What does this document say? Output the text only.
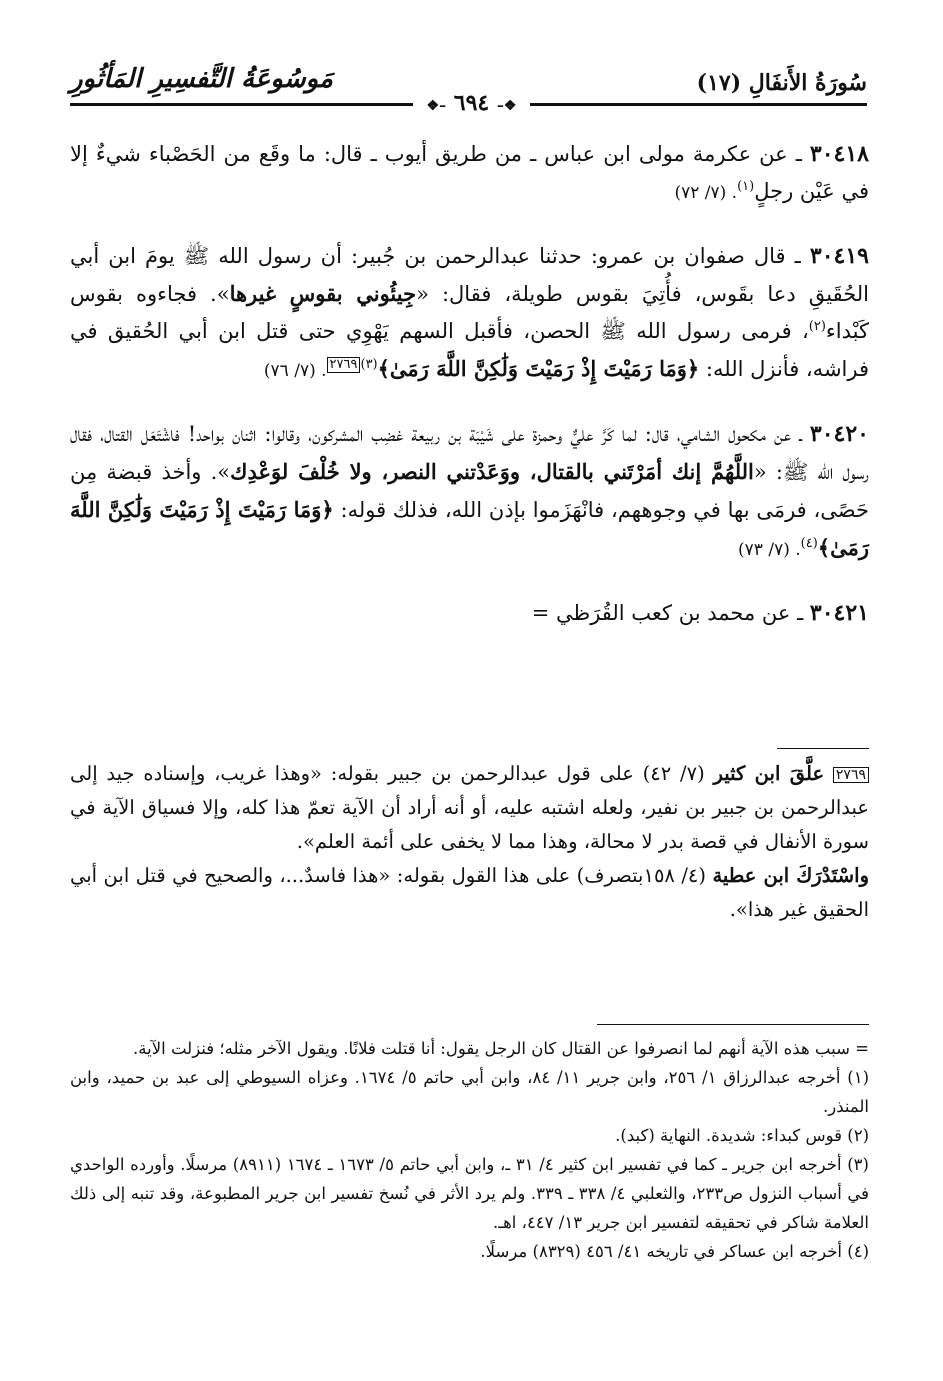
سُورَةُ الأَنفَالِ (١٧)
مَوسُوعَةُ التَّفسِيرِ المَأثُورِ
❖– ٦٩٤ –❖

٣٠٤١٨ ـ عن عكرمة مولى ابن عباس ـ من طريق أيوب ـ قال: ما وقَع من الحَصْباء شيءٌ إلا في عَيْن رجلٍ$^{(١)}$. (٧/ ٧٢)

٣٠٤١٩ ـ قال صفوان بن عمرو: حدثنا عبدالرحمن بن جُبير: أن رسول الله ﷺ يومَ ابن أبي الحُقَيقِ دعا بقَوس، فأُتِيَ بقوس طويلة، فقال: «جِيئُوني بقوسٍ غيرها». فجاءوه بقوس كَبْداء$^{(٢)}$، فرمى رسول الله ﷺ الحصن، فأقبل السهم يَهْوِي حتى قتل ابن أبي الحُقيق في فراشه، فأنزل الله: ﴿وَمَا رَمَيْتَ إِذْ رَمَيْتَ وَلَٰكِنَّ اللَّهَ رَمَىٰ﴾$^{(٣)}$٢٧٦٩. (٧/ ٧٦)

٣٠٤٢٠ ـ عن مكحول الشامي، قال: لما كَرَّ عليٌّ وحمزة على شَيْبَة بن ربيعة غضِب المشركون، وقالوا: اثنان بواحد! فاشْتَعَل القتال، فقال رسول الله ﷺ: «اللَّهُمَّ إنك أمَرْتَني بالقتال، ووَعَدْتني النصر، ولا خُلْفَ لوَعْدِك». وأخذ قبضة مِن حَصًى، فرمَى بها في وجوههم، فانْهَزَموا بإذن الله، فذلك قوله: ﴿وَمَا رَمَيْتَ إِذْ رَمَيْتَ وَلَٰكِنَّ اللَّهَ رَمَىٰ﴾$^{(٤)}$. (٧/ ٧٣)

٣٠٤٢١ ـ عن محمد بن كعب القُرَظي =

٢٧٦٩ علَّقَ ابن كثير (٧/ ٤٢) على قول عبدالرحمن بن جبير بقوله: «وهذا غريب، وإسناده جيد إلى عبدالرحمن بن جبير بن نفير، ولعله اشتبه عليه، أو أنه أراد أن الآية تعمّ هذا كله، وإلا فسياق الآية في سورة الأنفال في قصة بدر لا محالة، وهذا مما لا يخفى على أئمة العلم».

واسْتَدْرَكَ ابن عطية (٤/ ١٥٨بتصرف) على هذا القول بقوله: «هذا فاسدٌ...، والصحيح في قتل ابن أبي الحقيق غير هذا».

= سبب هذه الآية أنهم لما انصرفوا عن القتال كان الرجل يقول: أنا قتلت فلانًا. ويقول الآخر مثله؛ فنزلت الآية.

(١) أخرجه عبدالرزاق ١/ ٢٥٦، وابن جرير ١١/ ٨٤، وابن أبي حاتم ٥/ ١٦٧٤. وعزاه السيوطي إلى عبد بن حميد، وابن المنذر.

(٢) قوس كبداء: شديدة. النهاية (كبد).

(٣) أخرجه ابن جرير ـ كما في تفسير ابن كثير ٤/ ٣١ ـ، وابن أبي حاتم ٥/ ١٦٧٣ ـ ١٦٧٤ (٨٩١١) مرسلًا. وأورده الواحدي في أسباب النزول ص٢٣٣، والثعلبي ٤/ ٣٣٨ ـ ٣٣٩. ولم يرد الأثر في نُسخ تفسير ابن جرير المطبوعة، وقد تنبه إلى ذلك العلامة شاكر في تحقيقه لتفسير ابن جرير ١٣/ ٤٤٧، اهـ.

(٤) أخرجه ابن عساكر في تاريخه ٤١/ ٤٥٦ (٨٣٢٩) مرسلًا.
